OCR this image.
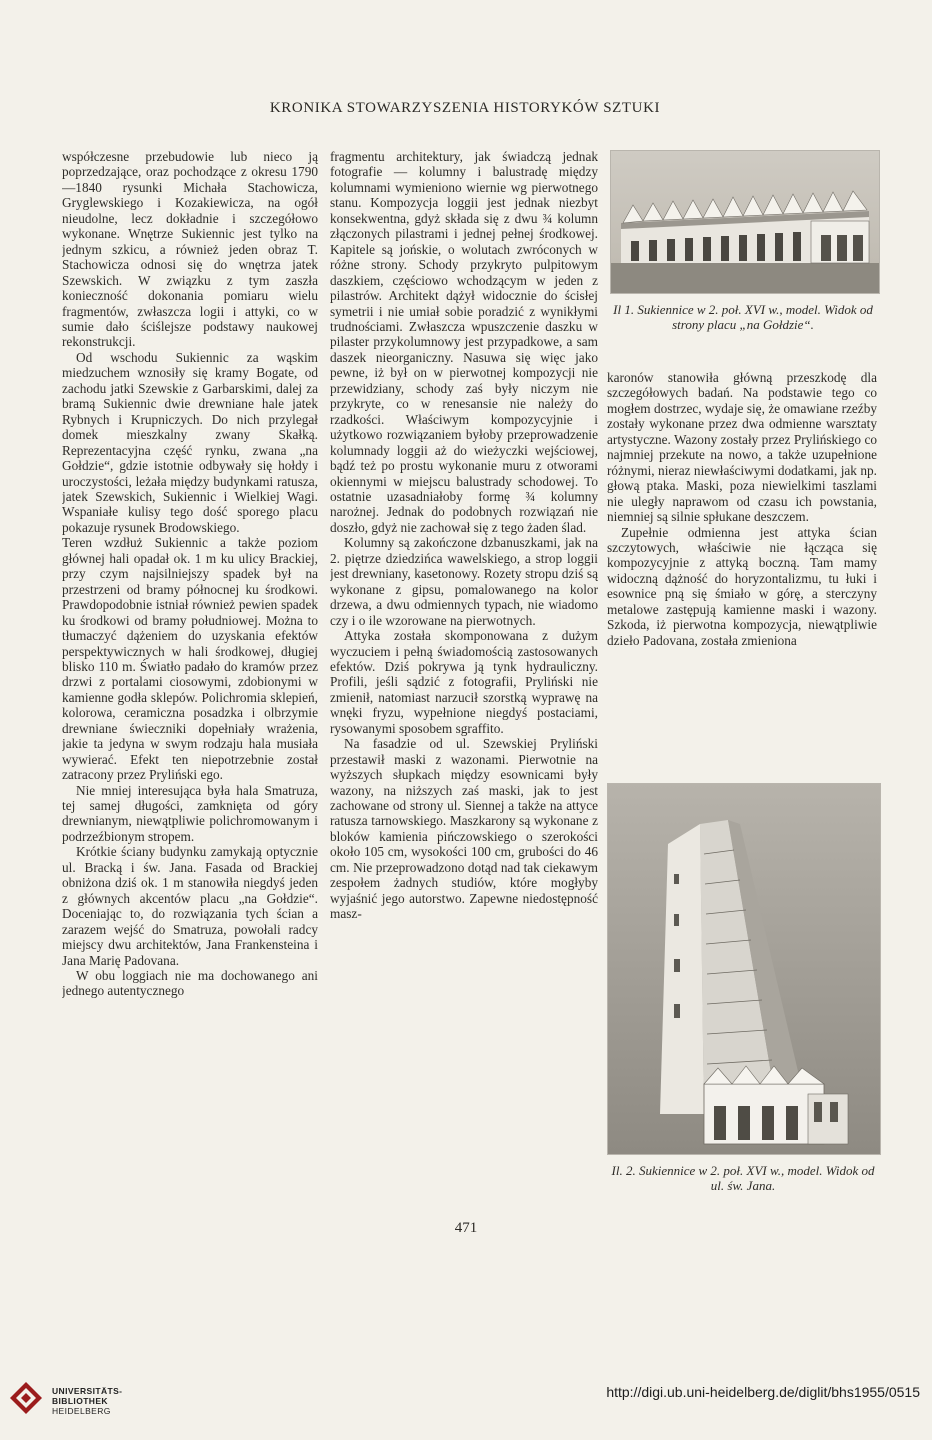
KRONIKA STOWARZYSZENIA HISTORYKÓW SZTUKI

współczesne przebudowie lub nieco ją poprzedzające, oraz pochodzące z okresu 1790—1840 rysunki Michała Stachowicza, Gryglewskiego i Kozakiewicza, na ogół nieudolne, lecz dokładnie i szczegółowo wykonane. Wnętrze Sukiennic jest tylko na jednym szkicu, a również jeden obraz T. Stachowicza odnosi się do wnętrza jatek Szewskich. W związku z tym zaszła konieczność dokonania pomiaru wielu fragmentów, zwłaszcza logii i attyki, co w sumie dało ściślejsze podstawy naukowej rekonstrukcji.

Od wschodu Sukiennic za wąskim miedzuchem wznosiły się kramy Bogate, od zachodu jatki Szewskie z Garbarskimi, dalej za bramą Sukiennic dwie drewniane hale jatek Rybnych i Krupniczych. Do nich przylegał domek mieszkalny zwany Skałką. Reprezentacyjna część rynku, zwana „na Gołdzie“, gdzie istotnie odbywały się hołdy i uroczystości, leżała między budynkami ratusza, jatek Szewskich, Sukiennic i Wielkiej Wagi. Wspaniałe kulisy tego dość sporego placu pokazuje rysunek Brodowskiego.

Teren wzdłuż Sukiennic a także poziom głównej hali opadał ok. 1 m ku ulicy Brackiej, przy czym najsilniejszy spadek był na przestrzeni od bramy północnej ku środkowi. Prawdopodobnie istniał również pewien spadek ku środkowi od bramy południowej. Można to tłumaczyć dążeniem do uzyskania efektów perspektywicznych w hali środkowej, długiej blisko 110 m. Światło padało do kramów przez drzwi z portalami ciosowymi, zdobionymi w kamienne godła sklepów. Polichromia sklepień, kolorowa, ceramiczna posadzka i olbrzymie drewniane świeczniki dopełniały wrażenia, jakie ta jedyna w swym rodzaju hala musiała wywierać. Efekt ten niepotrzebnie został zatracony przez Pryliński ego.

Nie mniej interesująca była hala Smatruza, tej samej długości, zamknięta od góry drewnianym, niewątpliwie polichromowanym i podrzeźbionym stropem.

Krótkie ściany budynku zamykają optycznie ul. Bracką i św. Jana. Fasada od Brackiej obniżona dziś ok. 1 m stanowiła niegdyś jeden z głównych akcentów placu „na Gołdzie“. Doceniając to, do rozwiązania tych ścian a zarazem wejść do Smatruza, powołali radcy miejscy dwu architektów, Jana Frankensteina i Jana Marię Padovana.

W obu loggiach nie ma dochowanego ani jednego autentycznego

fragmentu architektury, jak świadczą jednak fotografie — kolumny i balustradę między kolumnami wymieniono wiernie wg pierwotnego stanu. Kompozycja loggii jest jednak niezbyt konsekwentna, gdyż składa się z dwu ¾ kolumn złączonych pilastrami i jednej pełnej środkowej. Kapitele są jońskie, o wolutach zwróconych w różne strony. Schody przykryto pulpitowym daszkiem, częściowo wchodzącym w jeden z pilastrów. Architekt dążył widocznie do ścisłej symetrii i nie umiał sobie poradzić z wynikłymi trudnościami. Zwłaszcza wpuszczenie daszku w pilaster przykolumnowy jest przypadkowe, a sam daszek nieorganiczny. Nasuwa się więc jako pewne, iż był on w pierwotnej kompozycji nie przewidziany, schody zaś były niczym nie przykryte, co w renesansie nie należy do rzadkości. Właściwym kompozycyjnie i użytkowo rozwiązaniem byłoby przeprowadzenie kolumnady loggii aż do wieżyczki wejściowej, bądź też po prostu wykonanie muru z otworami okiennymi w miejscu balustrady schodowej. To ostatnie uzasadniałoby formę ¾ kolumny narożnej. Jednak do podobnych rozwiązań nie doszło, gdyż nie zachował się z tego żaden ślad.

Kolumny są zakończone dzbanuszkami, jak na 2. piętrze dziedzińca wawelskiego, a strop loggii jest drewniany, kasetonowy. Rozety stropu dziś są wykonane z gipsu, pomalowanego na kolor drzewa, a dwu odmiennych typach, nie wiadomo czy i o ile wzorowane na pierwotnych.

Attyka została skomponowana z dużym wyczuciem i pełną świadomością zastosowanych efektów. Dziś pokrywa ją tynk hydrauliczny. Profili, jeśli sądzić z fotografii, Pryliński nie zmienił, natomiast narzucił szorstką wyprawę na wnęki fryzu, wypełnione niegdyś postaciami, rysowanymi sposobem sgraffito.

Na fasadzie od ul. Szewskiej Pryliński przestawił maski z wazonami. Pierwotnie na wyższych słupkach między esownicami były wazony, na niższych zaś maski, jak to jest zachowane od strony ul. Siennej a także na attyce ratusza tarnowskiego. Maszkarony są wykonane z bloków kamienia pińczowskiego o szerokości około 105 cm, wysokości 100 cm, grubości do 46 cm. Nie przeprowadzono dotąd nad tak ciekawym zespołem żadnych studiów, które mogłyby wyjaśnić jego autorstwo. Zapewne niedostępność masz-

Il 1. Sukiennice w 2. poł. XVI w., model. Widok od strony placu „na Gołdzie“.

karonów stanowiła główną przeszkodę dla szczegółowych badań. Na podstawie tego co mogłem dostrzec, wydaje się, że omawiane rzeźby zostały wykonane przez dwa odmienne warsztaty artystyczne. Wazony zostały przez Prylińskiego co najmniej przekute na nowo, a także uzupełnione różnymi, nieraz niewłaściwymi dodatkami, jak np. głową ptaka. Maski, poza niewielkimi taszlami nie uległy naprawom od czasu ich powstania, niemniej są silnie spłukane deszczem.

Zupełnie odmienna jest attyka ścian szczytowych, właściwie nie łącząca się kompozycyjnie z attyką boczną. Tam mamy widoczną dążność do horyzontalizmu, tu łuki i esownice pną się śmiało w górę, a sterczyny metalowe zastępują kamienne maski i wazony. Szkoda, iż pierwotna kompozycja, niewątpliwie dzieło Padovana, została zmieniona

Il. 2. Sukiennice w 2. poł. XVI w., model. Widok od ul. św. Jana.
471
UNIVERSITÄTS-
BIBLIOTHEK
HEIDELBERG
http://digi.ub.uni-heidelberg.de/diglit/bhs1955/0515
